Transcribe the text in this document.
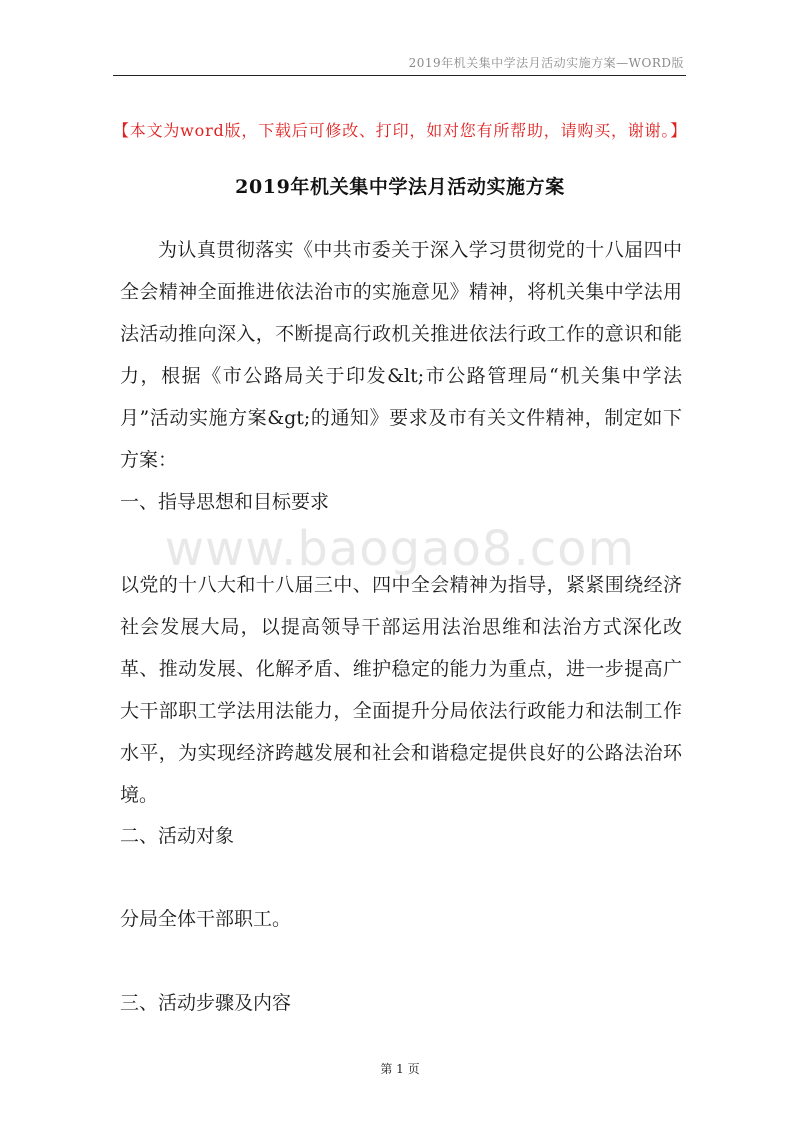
2019年机关集中学法月活动实施方案—WORD版
【本文为word版，下载后可修改、打印，如对您有所帮助，请购买，谢谢。】
2019年机关集中学法月活动实施方案

为认真贯彻落实《中共市委关于深入学习贯彻党的十八届四中全会精神全面推进依法治市的实施意见》精神，将机关集中学法用法活动推向深入，不断提高行政机关推进依法行政工作的意识和能力，根据《市公路局关于印发&lt;市公路管理局“机关集中学法月”活动实施方案&gt;的通知》要求及市有关文件精神，制定如下方案：

一、指导思想和目标要求
www.baogao8.com

以党的十八大和十八届三中、四中全会精神为指导，紧紧围绕经济社会发展大局，以提高领导干部运用法治思维和法治方式深化改革、推动发展、化解矛盾、维护稳定的能力为重点，进一步提高广大干部职工学法用法能力，全面提升分局依法行政能力和法制工作水平，为实现经济跨越发展和社会和谐稳定提供良好的公路法治环境。

二、活动对象

分局全体干部职工。

三、活动步骤及内容
第 1 页
